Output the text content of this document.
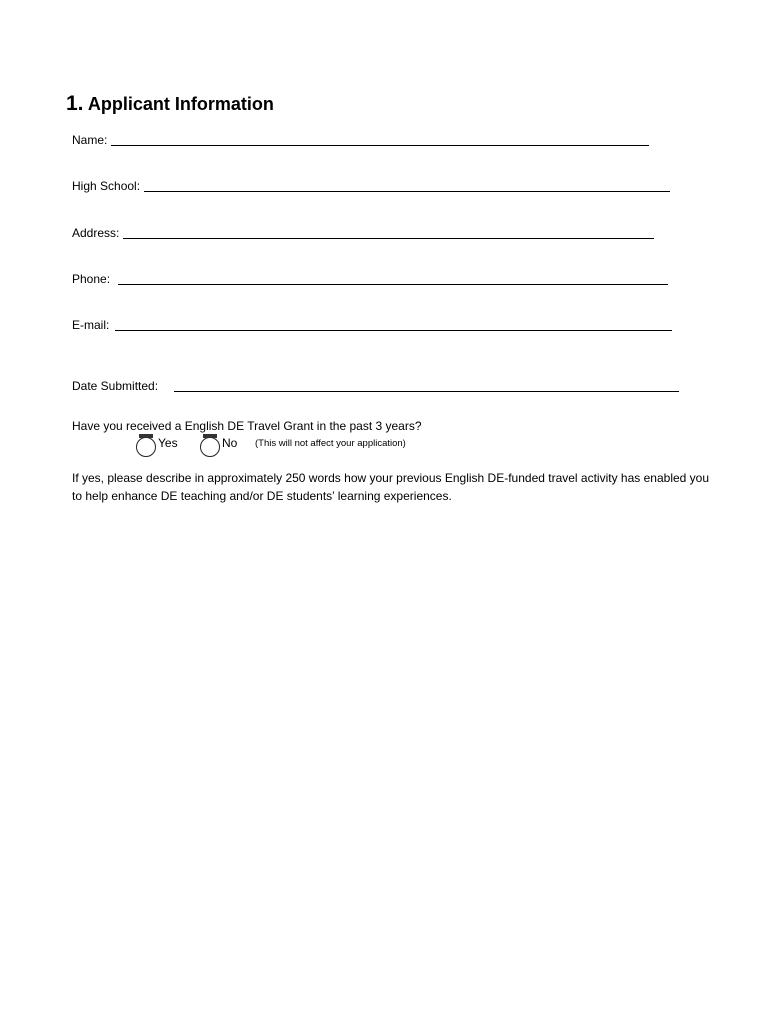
1. Applicant Information
Name:
High School:
Address:
Phone:
E-mail:
Date Submitted:
Have you received a English DE Travel Grant in the past 3 years?
Yes	No (This will not affect your application)
If yes, please describe in approximately 250 words how your previous English DE-funded travel activity has enabled you to help enhance DE teaching and/or DE students’ learning experiences.
